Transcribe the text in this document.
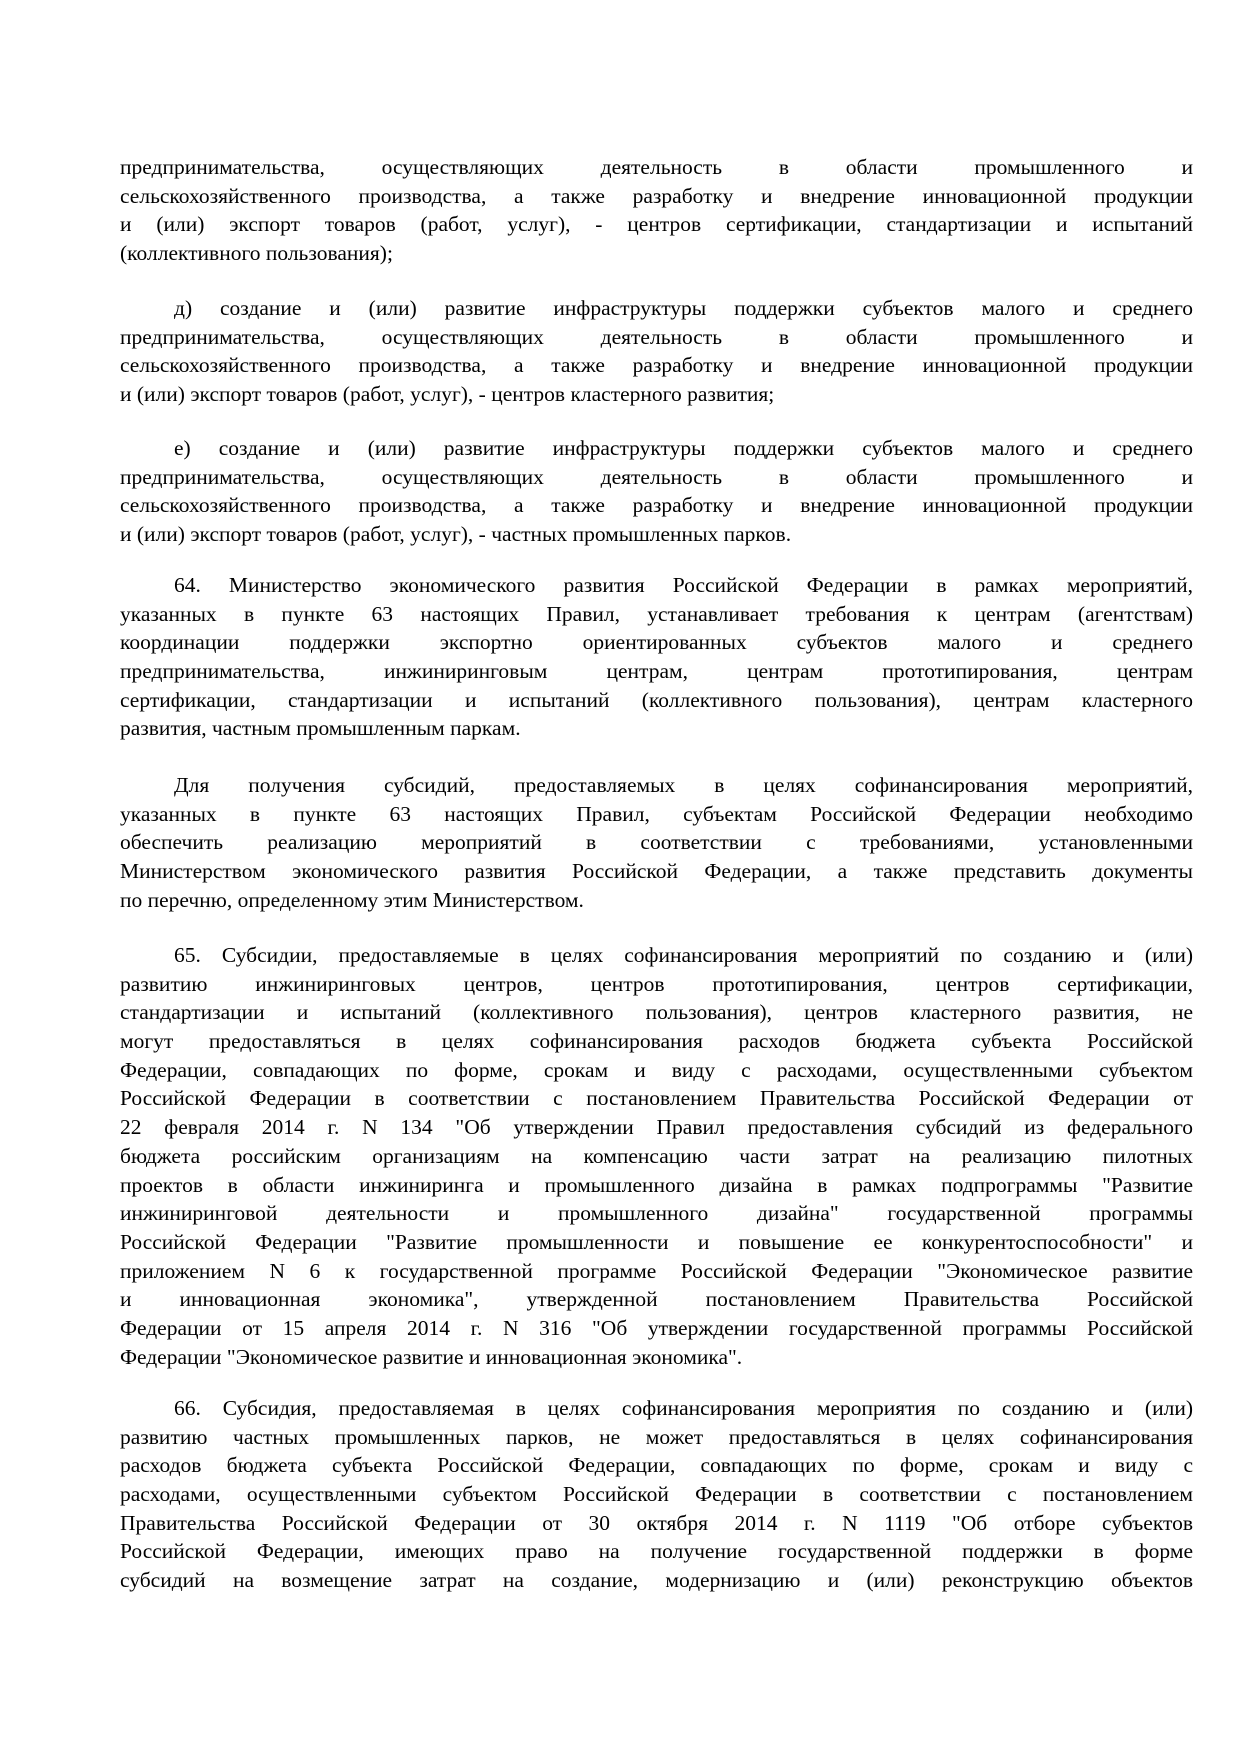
предпринимательства, осуществляющих деятельность в области промышленного и
сельскохозяйственного производства, а также разработку и внедрение инновационной продукции
и (или) экспорт товаров (работ, услуг), - центров сертификации, стандартизации и испытаний
(коллективного пользования);
д) создание и (или) развитие инфраструктуры поддержки субъектов малого и среднего
предпринимательства, осуществляющих деятельность в области промышленного и
сельскохозяйственного производства, а также разработку и внедрение инновационной продукции
и (или) экспорт товаров (работ, услуг), - центров кластерного развития;
е) создание и (или) развитие инфраструктуры поддержки субъектов малого и среднего
предпринимательства, осуществляющих деятельность в области промышленного и
сельскохозяйственного производства, а также разработку и внедрение инновационной продукции
и (или) экспорт товаров (работ, услуг), - частных промышленных парков.
64. Министерство экономического развития Российской Федерации в рамках мероприятий,
указанных в пункте 63 настоящих Правил, устанавливает требования к центрам (агентствам)
координации поддержки экспортно ориентированных субъектов малого и среднего
предпринимательства, инжиниринговым центрам, центрам прототипирования, центрам
сертификации, стандартизации и испытаний (коллективного пользования), центрам кластерного
развития, частным промышленным паркам.
Для получения субсидий, предоставляемых в целях софинансирования мероприятий,
указанных в пункте 63 настоящих Правил, субъектам Российской Федерации необходимо
обеспечить реализацию мероприятий в соответствии с требованиями, установленными
Министерством экономического развития Российской Федерации, а также представить документы
по перечню, определенному этим Министерством.
65. Субсидии, предоставляемые в целях софинансирования мероприятий по созданию и (или)
развитию инжиниринговых центров, центров прототипирования, центров сертификации,
стандартизации и испытаний (коллективного пользования), центров кластерного развития, не
могут предоставляться в целях софинансирования расходов бюджета субъекта Российской
Федерации, совпадающих по форме, срокам и виду с расходами, осуществленными субъектом
Российской Федерации в соответствии с постановлением Правительства Российской Федерации от
22 февраля 2014 г. N 134 "Об утверждении Правил предоставления субсидий из федерального
бюджета российским организациям на компенсацию части затрат на реализацию пилотных
проектов в области инжиниринга и промышленного дизайна в рамках подпрограммы "Развитие
инжиниринговой деятельности и промышленного дизайна" государственной программы
Российской Федерации "Развитие промышленности и повышение ее конкурентоспособности" и
приложением N 6 к государственной программе Российской Федерации "Экономическое развитие
и инновационная экономика", утвержденной постановлением Правительства Российской
Федерации от 15 апреля 2014 г. N 316 "Об утверждении государственной программы Российской
Федерации "Экономическое развитие и инновационная экономика".
66. Субсидия, предоставляемая в целях софинансирования мероприятия по созданию и (или)
развитию частных промышленных парков, не может предоставляться в целях софинансирования
расходов бюджета субъекта Российской Федерации, совпадающих по форме, срокам и виду с
расходами, осуществленными субъектом Российской Федерации в соответствии с постановлением
Правительства Российской Федерации от 30 октября 2014 г. N 1119 "Об отборе субъектов
Российской Федерации, имеющих право на получение государственной поддержки в форме
субсидий на возмещение затрат на создание, модернизацию и (или) реконструкцию объектов
